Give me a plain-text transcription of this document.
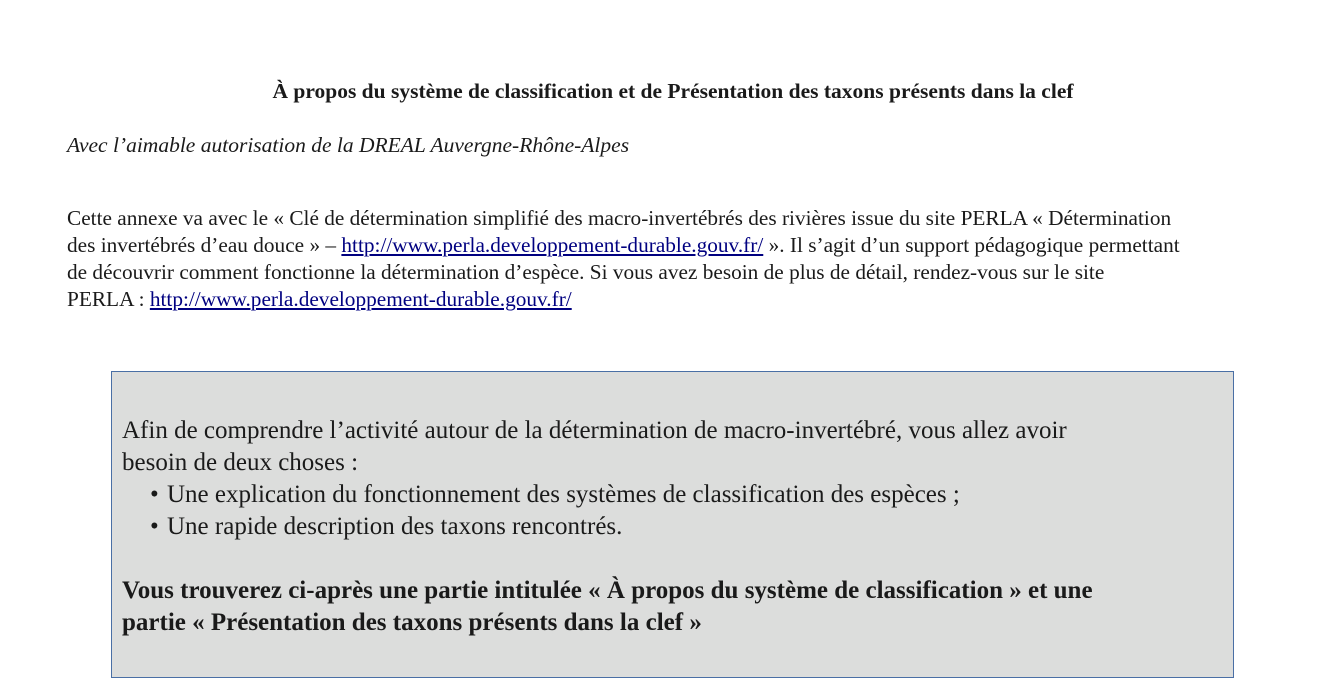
À propos du système de classification et de Présentation des taxons présents dans la clef

Avec l’aimable autorisation de la DREAL Auvergne-Rhône-Alpes

Cette annexe va avec le « Clé de détermination simplifié des macro-invertébrés des rivières issue du site PERLA « Détermination
des invertébrés d’eau douce » – http://www.perla.developpement-durable.gouv.fr/ ». Il s’agit d’un support pédagogique permettant
de découvrir comment fonctionne la détermination d’espèce. Si vous avez besoin de plus de détail, rendez-vous sur le site
PERLA : http://www.perla.developpement-durable.gouv.fr/
Afin de comprendre l’activité autour de la détermination de macro-invertébré, vous allez avoir
besoin de deux choses :
• Une explication du fonctionnement des systèmes de classification des espèces ;
• Une rapide description des taxons rencontrés.
Vous trouverez ci-après une partie intitulée « À propos du système de classification » et une
partie « Présentation des taxons présents dans la clef »
